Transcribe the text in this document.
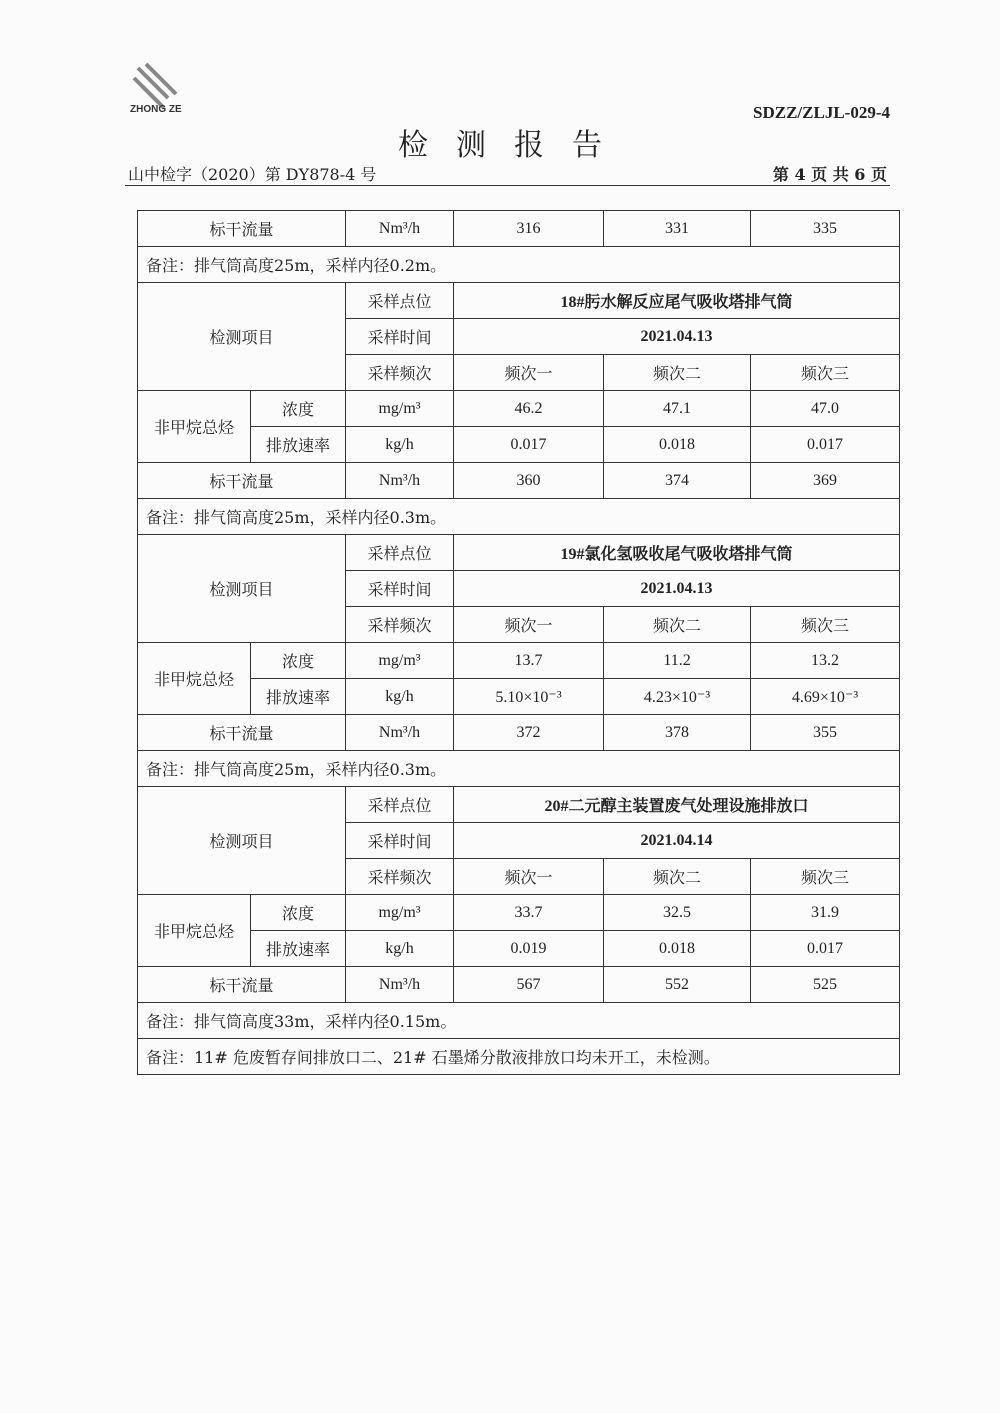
ZHONG ZE	SDZZ/ZLJL-029-4
检测报告
山中检字（2020）第 DY878-4 号	第 4 页 共 6 页
标干流量		Nm³/h	316	331	335
备注：排气筒高度25m，采样内径0.2m。					
检测项目		采样点位	18#肟水解反应尾气吸收塔排气筒		
		采样时间	2021.04.13		
		采样频次	频次一	频次二	频次三
非甲烷总烃	浓度	mg/m³	46.2	47.1	47.0
	排放速率	kg/h	0.017	0.018	0.017
标干流量		Nm³/h	360	374	369
备注：排气筒高度25m，采样内径0.3m。					
检测项目		采样点位	19#氯化氢吸收尾气吸收塔排气筒		
		采样时间	2021.04.13		
		采样频次	频次一	频次二	频次三
非甲烷总烃	浓度	mg/m³	13.7	11.2	13.2
	排放速率	kg/h	5.10×10⁻³	4.23×10⁻³	4.69×10⁻³
标干流量		Nm³/h	372	378	355
备注：排气筒高度25m，采样内径0.3m。					
检测项目		采样点位	20#二元醇主装置废气处理设施排放口		
		采样时间	2021.04.14		
		采样频次	频次一	频次二	频次三
非甲烷总烃	浓度	mg/m³	33.7	32.5	31.9
	排放速率	kg/h	0.019	0.018	0.017
标干流量		Nm³/h	567	552	525
备注：排气筒高度33m，采样内径0.15m。					
备注：11# 危废暂存间排放口二、21# 石墨烯分散液排放口均未开工，未检测。					
